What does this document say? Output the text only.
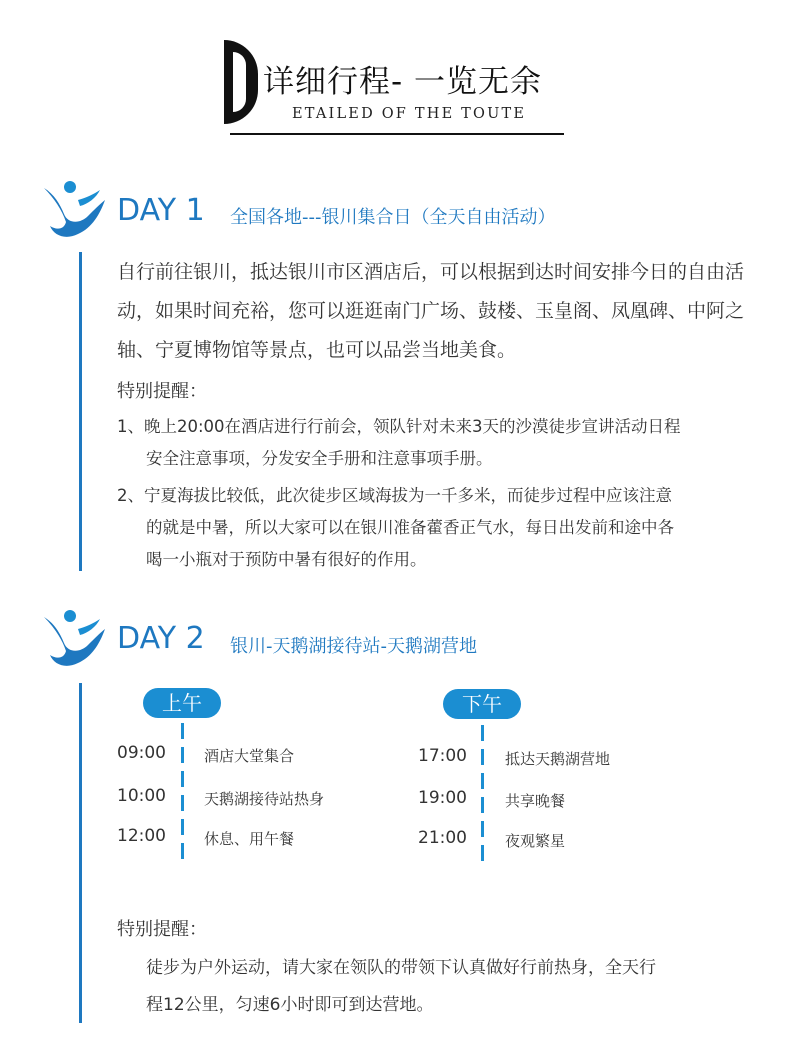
详细行程- 一览无余
ETAILED OF THE TOUTE
DAY 1 全国各地---银川集合日（全天自由活动）
自行前往银川，抵达银川市区酒店后，可以根据到达时间安排今日的自由活动，如果时间充裕，您可以逛逛南门广场、鼓楼、玉皇阁、凤凰碑、中阿之轴、宁夏博物馆等景点，也可以品尝当地美食。
特别提醒：
1、晚上20:00在酒店进行行前会，领队针对未来3天的沙漠徒步宣讲活动日程
安全注意事项，分发安全手册和注意事项手册。
2、宁夏海拔比较低，此次徒步区域海拔为一千多米，而徒步过程中应该注意
的就是中暑，所以大家可以在银川准备藿香正气水，每日出发前和途中各
喝一小瓶对于预防中暑有很好的作用。
DAY 2 银川-天鹅湖接待站-天鹅湖营地
上午
09:00	酒店大堂集合
10:00	天鹅湖接待站热身
12:00	休息、用午餐
下午
17:00	抵达天鹅湖营地
19:00	共享晚餐
21:00	夜观繁星
特别提醒：
徒步为户外运动，请大家在领队的带领下认真做好行前热身，全天行
程12公里，匀速6小时即可到达营地。
